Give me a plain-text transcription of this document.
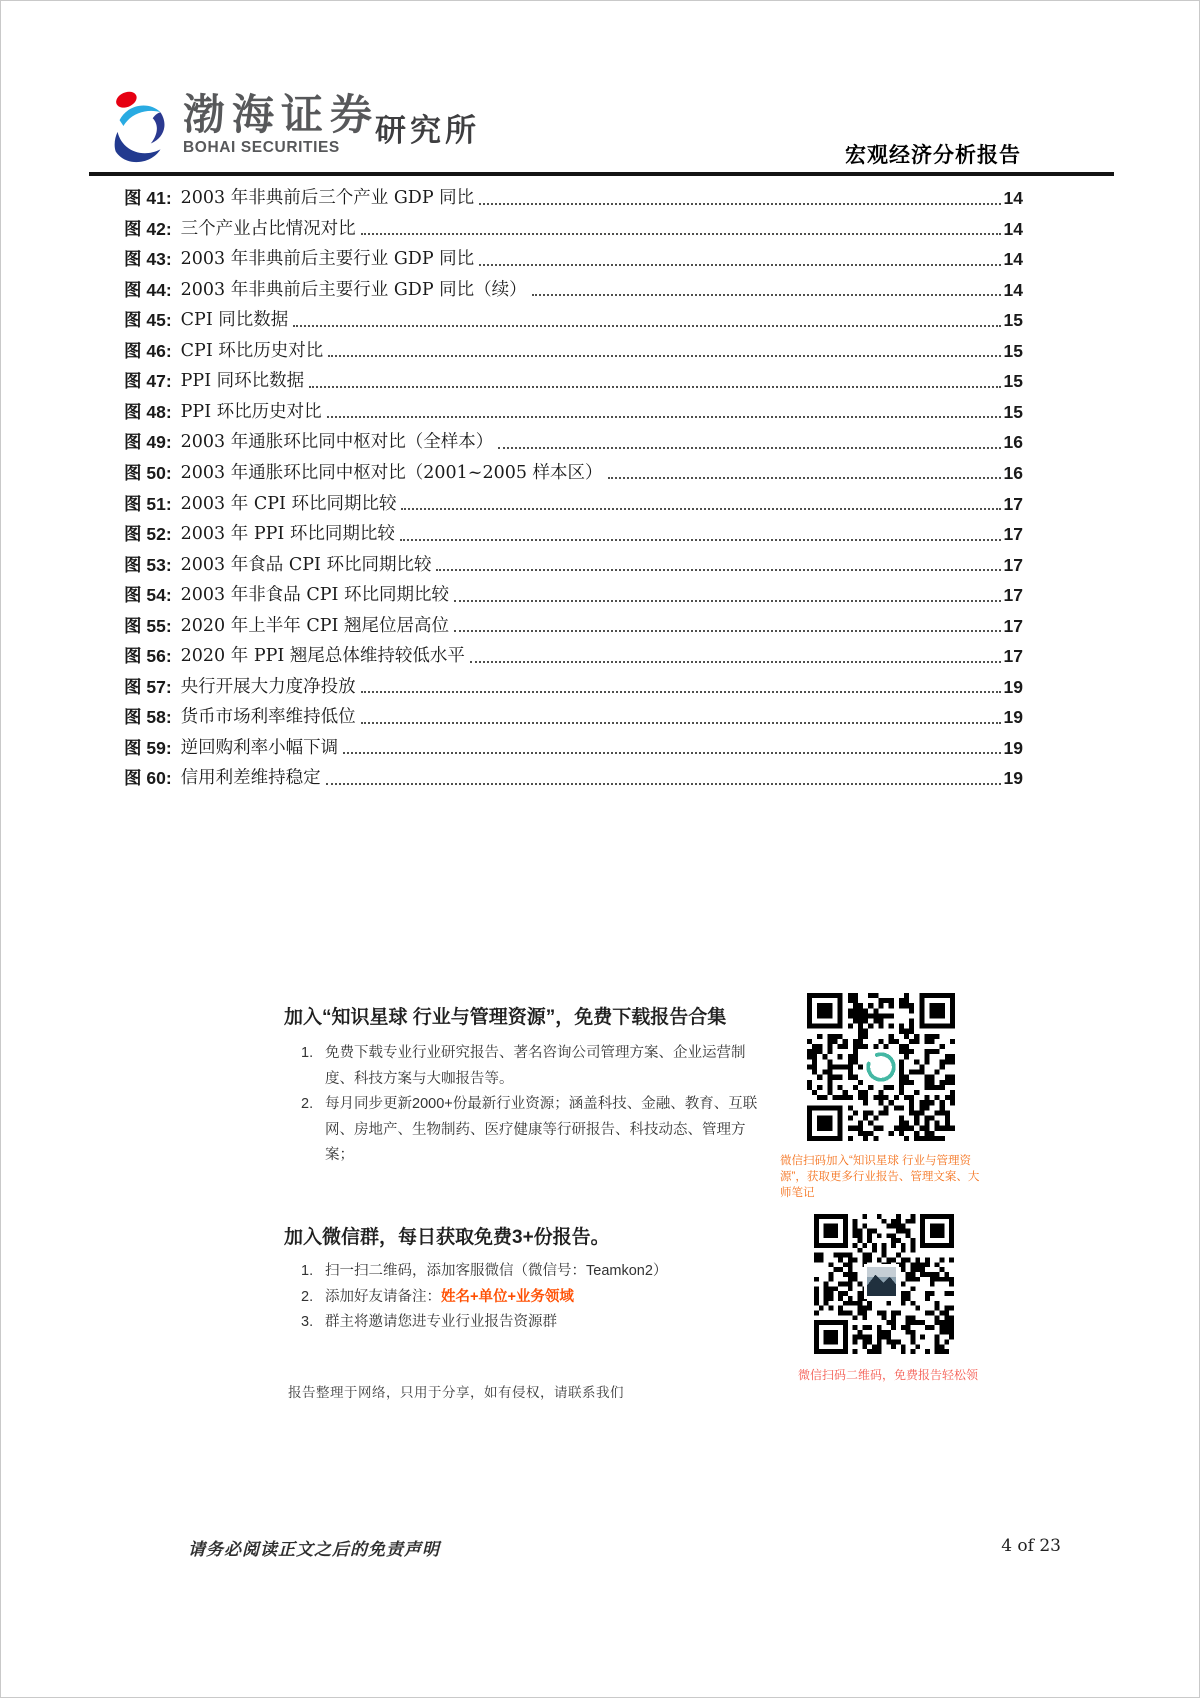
渤海证券
BOHAI SECURITIES	研究所
宏观经济分析报告
图 41: 2003 年非典前后三个产业 GDP 同比	14
图 42: 三个产业占比情况对比	14
图 43: 2003 年非典前后主要行业 GDP 同比	14
图 44: 2003 年非典前后主要行业 GDP 同比（续）	14
图 45: CPI 同比数据	15
图 46: CPI 环比历史对比	15
图 47: PPI 同环比数据	15
图 48: PPI 环比历史对比	15
图 49: 2003 年通胀环比同中枢对比（全样本）	16
图 50: 2003 年通胀环比同中枢对比（2001~2005 样本区）	16
图 51: 2003 年 CPI 环比同期比较	17
图 52: 2003 年 PPI 环比同期比较	17
图 53: 2003 年食品 CPI 环比同期比较	17
图 54: 2003 年非食品 CPI 环比同期比较	17
图 55: 2020 年上半年 CPI 翘尾位居高位	17
图 56: 2020 年 PPI 翘尾总体维持较低水平	17
图 57: 央行开展大力度净投放	19
图 58: 货币市场利率维持低位	19
图 59: 逆回购利率小幅下调	19
图 60: 信用利差维持稳定	19
加入“知识星球 行业与管理资源”，免费下载报告合集
1. 免费下载专业行业研究报告、著名咨询公司管理方案、企业运营制度、科技方案与大咖报告等。
2. 每月同步更新2000+份最新行业资源；涵盖科技、金融、教育、互联网、房地产、生物制药、医疗健康等行研报告、科技动态、管理方案；
加入微信群，每日获取免费3+份报告。
1. 扫一扫二维码，添加客服微信（微信号：Teamkon2）
2. 添加好友请备注：姓名+单位+业务领域
3. 群主将邀请您进专业行业报告资源群
报告整理于网络，只用于分享，如有侵权，请联系我们
微信扫码加入“知识星球 行业与管理资源”，获取更多行业报告、管理文案、大师笔记
微信扫码二维码，免费报告轻松领
请务必阅读正文之后的免责声明	4 of 23
